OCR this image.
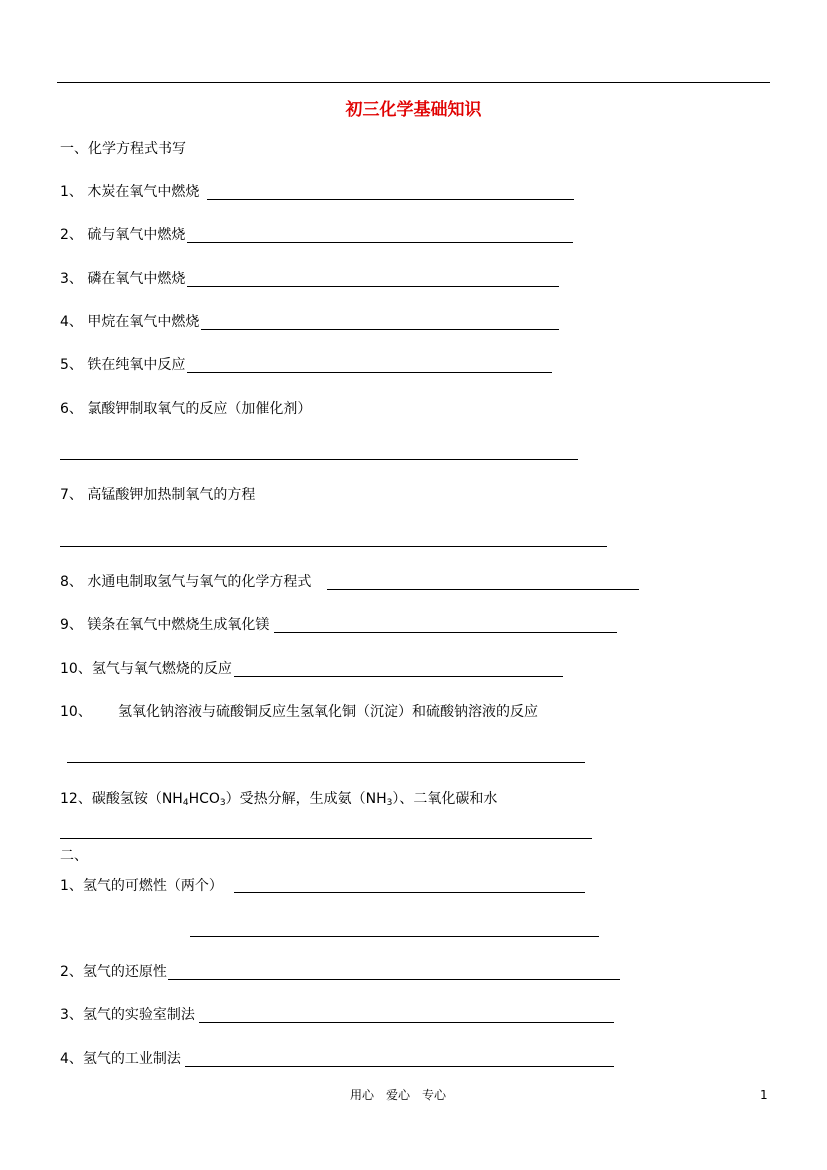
初三化学基础知识
一、化学方程式书写
1、 木炭在氧气中燃烧
2、 硫与氧气中燃烧
3、 磷在氧气中燃烧
4、 甲烷在氧气中燃烧
5、 铁在纯氧中反应
6、 氯酸钾制取氧气的反应（加催化剂）
7、 高锰酸钾加热制氧气的方程
8、 水通电制取氢气与氧气的化学方程式
9、 镁条在氧气中燃烧生成氧化镁
10、氢气与氧气燃烧的反应
10、 氢氧化钠溶液与硫酸铜反应生氢氧化铜（沉淀）和硫酸钠溶液的反应
12、碳酸氢铵$(NH_4HCO_3)$受热分解，生成氨$(NH_3)$、二氧化碳和水
二、
1、氢气的可燃性（两个）
2、氢气的还原性
3、氢气的实验室制法
4、氢气的工业制法
用心　爱心　专心	1
